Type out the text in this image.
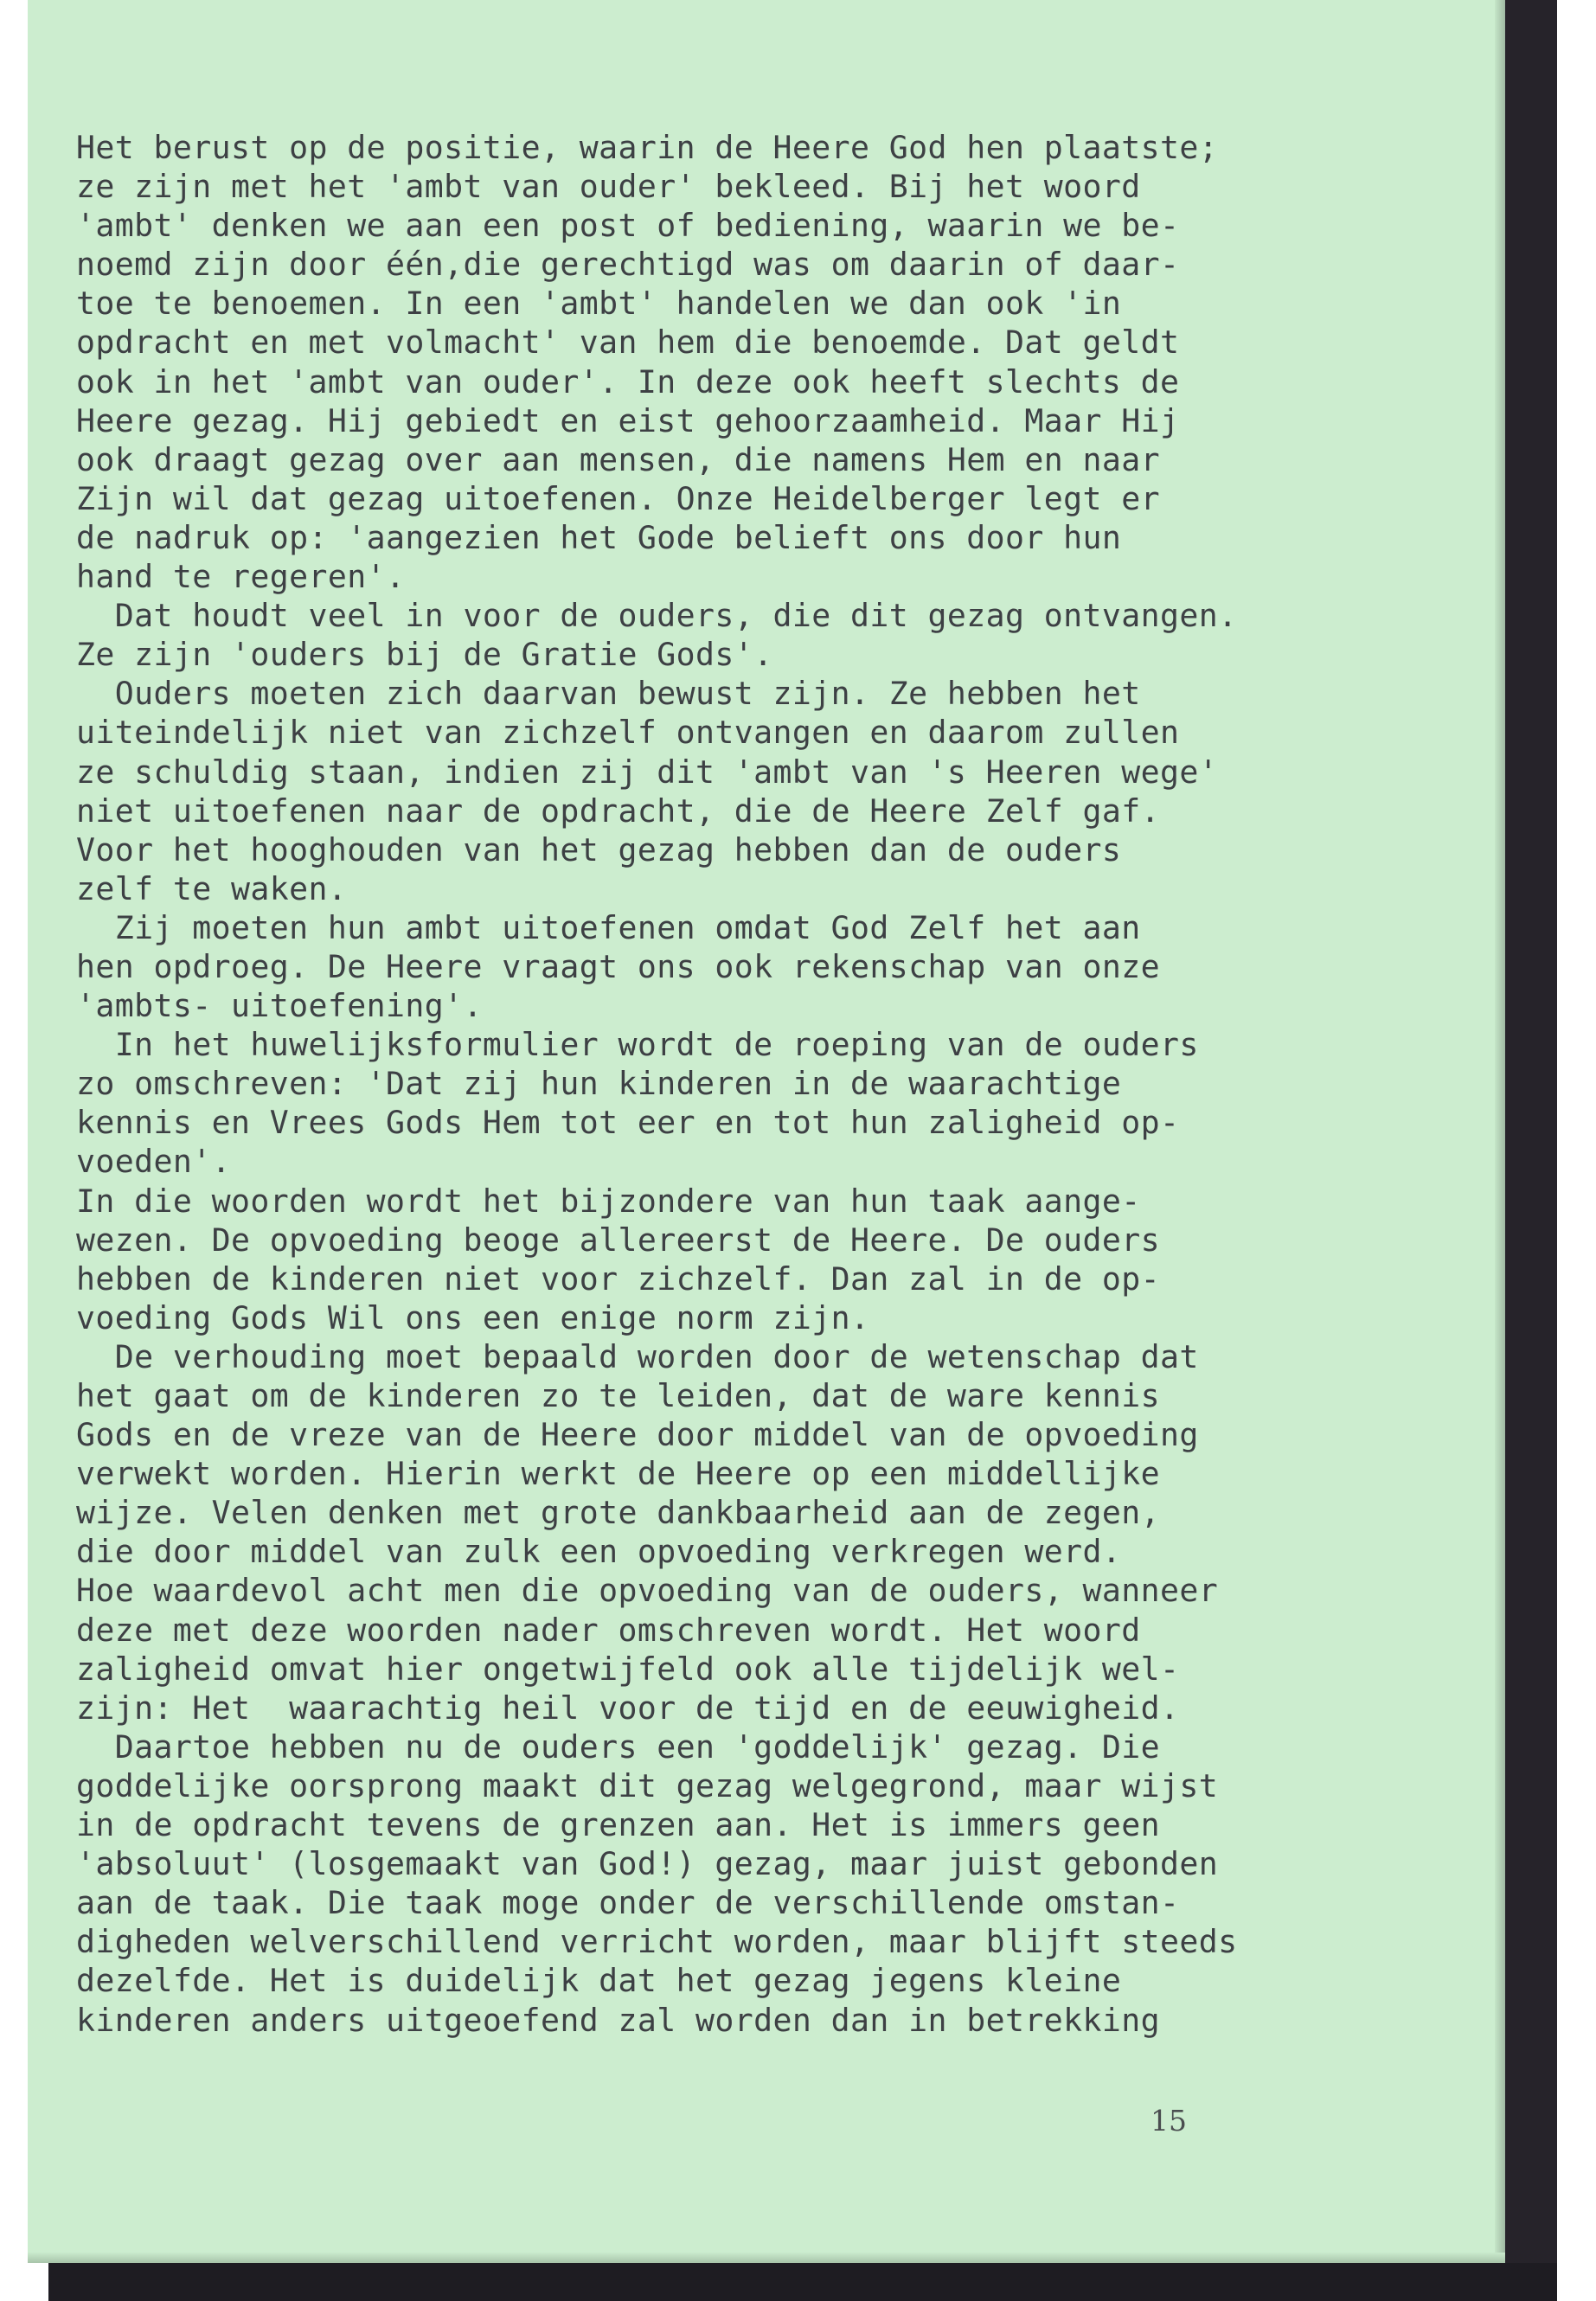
Het berust op de positie, waarin de Heere God hen plaatste;
ze zijn met het 'ambt van ouder' bekleed. Bij het woord
'ambt' denken we aan een post of bediening, waarin we be-
noemd zijn door één,die gerechtigd was om daarin of daar-
toe te benoemen. In een 'ambt' handelen we dan ook 'in
opdracht en met volmacht' van hem die benoemde. Dat geldt
ook in het 'ambt van ouder'. In deze ook heeft slechts de
Heere gezag. Hij gebiedt en eist gehoorzaamheid. Maar Hij
ook draagt gezag over aan mensen, die namens Hem en naar
Zijn wil dat gezag uitoefenen. Onze Heidelberger legt er
de nadruk op: 'aangezien het Gode belieft ons door hun
hand te regeren'.
Dat houdt veel in voor de ouders, die dit gezag ontvangen.
Ze zijn 'ouders bij de Gratie Gods'.
Ouders moeten zich daarvan bewust zijn. Ze hebben het
uiteindelijk niet van zichzelf ontvangen en daarom zullen
ze schuldig staan, indien zij dit 'ambt van 's Heeren wege'
niet uitoefenen naar de opdracht, die de Heere Zelf gaf.
Voor het hooghouden van het gezag hebben dan de ouders
zelf te waken.
Zij moeten hun ambt uitoefenen omdat God Zelf het aan
hen opdroeg. De Heere vraagt ons ook rekenschap van onze
'ambts- uitoefening'.
In het huwelijksformulier wordt de roeping van de ouders
zo omschreven: 'Dat zij hun kinderen in de waarachtige
kennis en Vrees Gods Hem tot eer en tot hun zaligheid op-
voeden'.
In die woorden wordt het bijzondere van hun taak aange-
wezen. De opvoeding beoge allereerst de Heere. De ouders
hebben de kinderen niet voor zichzelf. Dan zal in de op-
voeding Gods Wil ons een enige norm zijn.
De verhouding moet bepaald worden door de wetenschap dat
het gaat om de kinderen zo te leiden, dat de ware kennis
Gods en de vreze van de Heere door middel van de opvoeding
verwekt worden. Hierin werkt de Heere op een middellijke
wijze. Velen denken met grote dankbaarheid aan de zegen,
die door middel van zulk een opvoeding verkregen werd.
Hoe waardevol acht men die opvoeding van de ouders, wanneer
deze met deze woorden nader omschreven wordt. Het woord
zaligheid omvat hier ongetwijfeld ook alle tijdelijk wel-
zijn: Het  waarachtig heil voor de tijd en de eeuwigheid.
Daartoe hebben nu de ouders een 'goddelijk' gezag. Die
goddelijke oorsprong maakt dit gezag welgegrond, maar wijst
in de opdracht tevens de grenzen aan. Het is immers geen
'absoluut' (losgemaakt van God!) gezag, maar juist gebonden
aan de taak. Die taak moge onder de verschillende omstan-
digheden welverschillend verricht worden, maar blijft steeds
dezelfde. Het is duidelijk dat het gezag jegens kleine
kinderen anders uitgeoefend zal worden dan in betrekking
15
